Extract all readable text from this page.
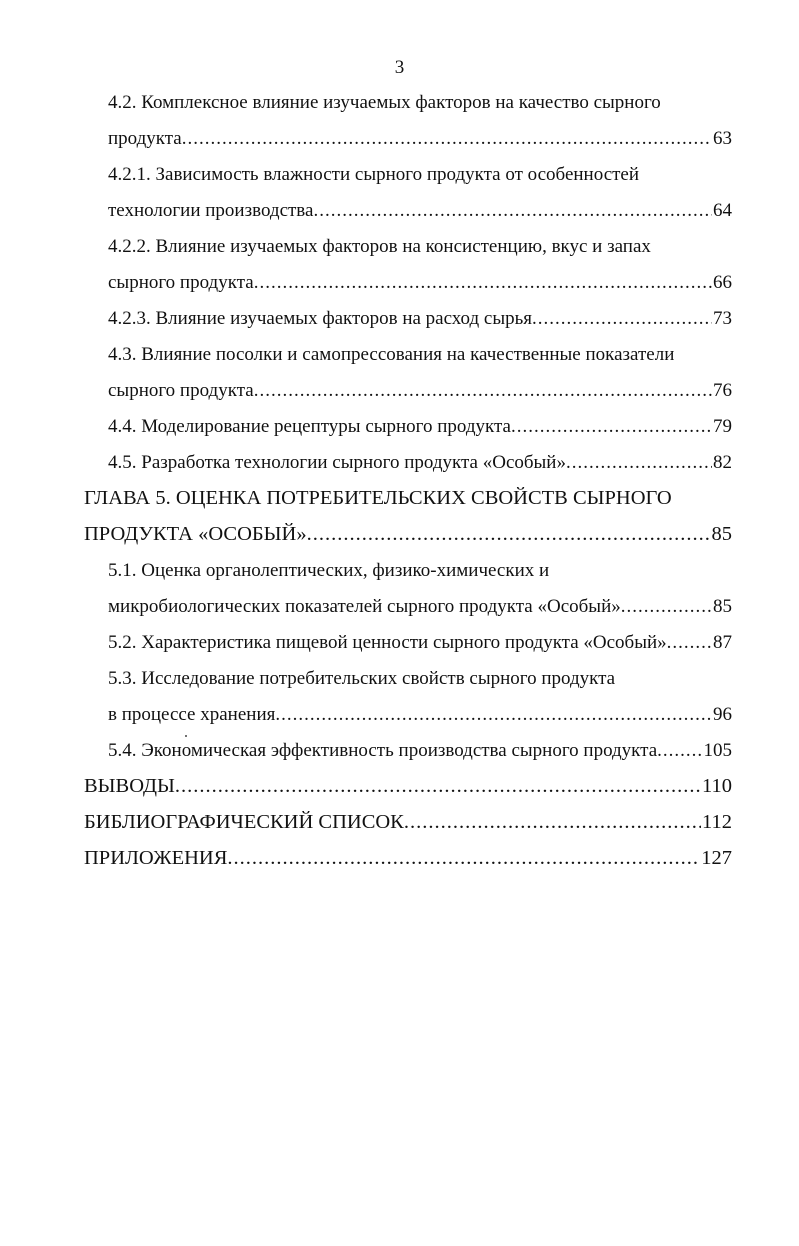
3
4.2. Комплексное влияние изучаемых факторов на качество сырного
продукта .....	63
4.2.1. Зависимость влажности сырного продукта от особенностей
технологии производства .....	64
4.2.2. Влияние изучаемых факторов на консистенцию, вкус и запах
сырного продукта .....	66
4.2.3. Влияние изучаемых факторов на расход сырья .....	73
4.3. Влияние посолки и самопрессования на качественные показатели
сырного продукта .....	76
4.4. Моделирование рецептуры сырного продукта .....	79
4.5. Разработка технологии сырного продукта «Особый» .....	82
ГЛАВА 5. ОЦЕНКА ПОТРЕБИТЕЛЬСКИХ СВОЙСТВ СЫРНОГО
ПРОДУКТА «ОСОБЫЙ» .....	85
5.1. Оценка органолептических, физико-химических и
микробиологических показателей сырного продукта «Особый» .....	85
5.2. Характеристика пищевой ценности сырного продукта «Особый» ..... 87
5.3. Исследование потребительских свойств сырного продукта
в процессе хранения .....	96
5.4. Экономическая эффективность производства сырного продукта ..... 105
ВЫВОДЫ .....	110
БИБЛИОГРАФИЧЕСКИЙ СПИСОК .....	112
ПРИЛОЖЕНИЯ .....	127
